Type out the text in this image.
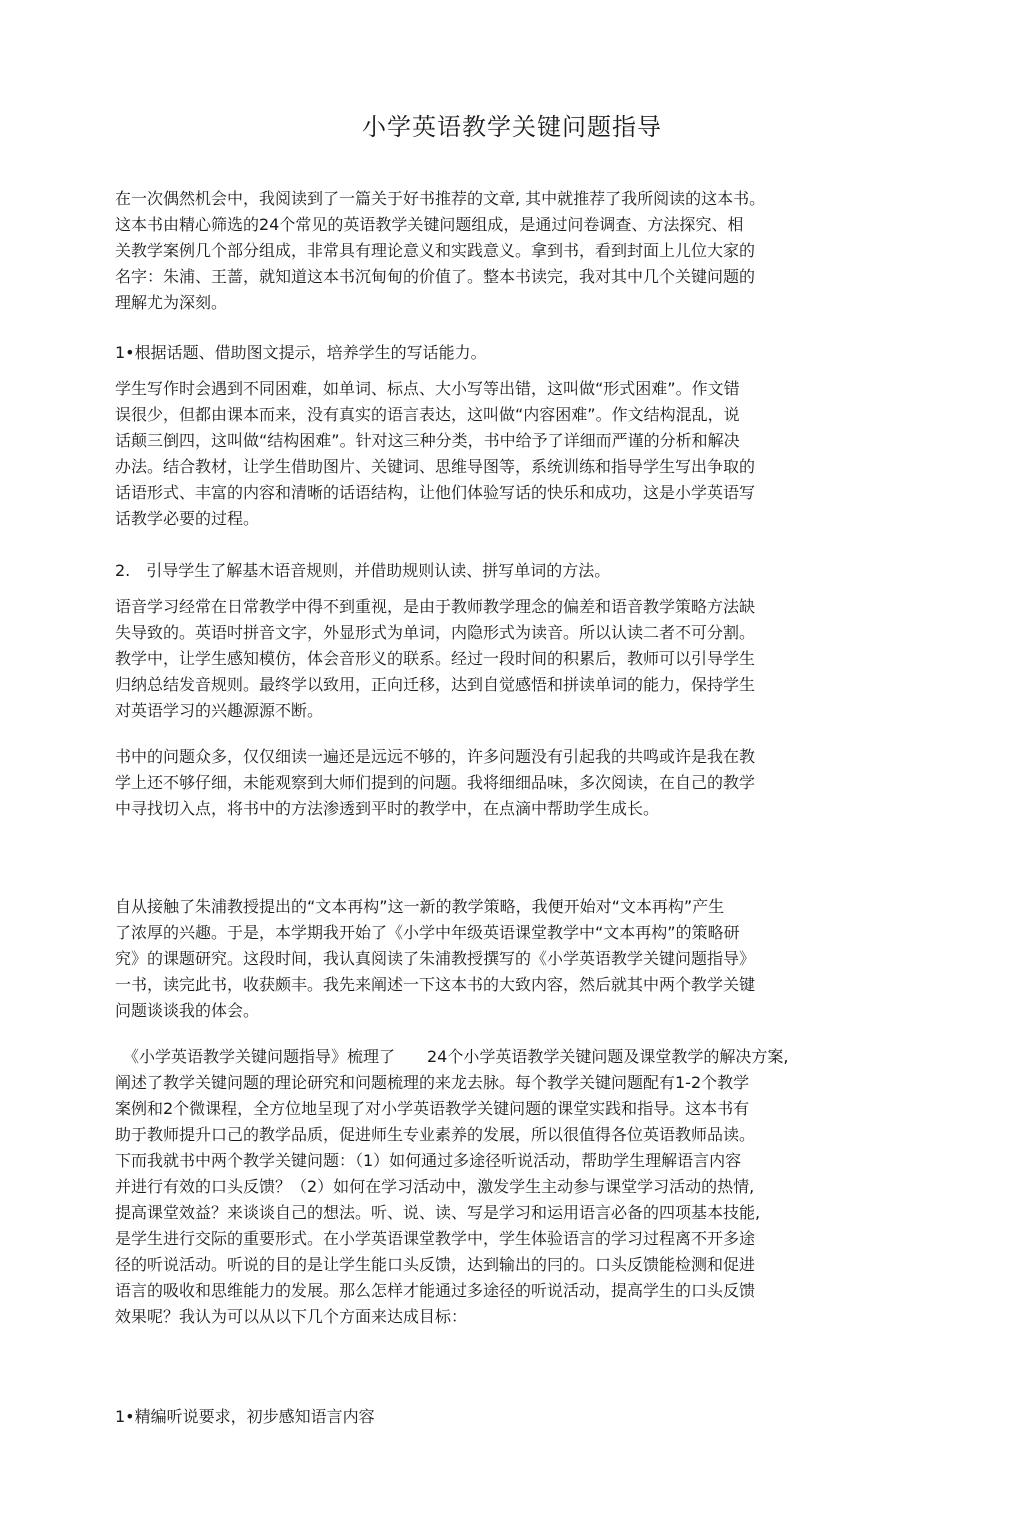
小学英语教学关键问题指导
在一次偶然机会中，我阅读到了一篇关于好书推荐的文章, 其中就推荐了我所阅读的这本书。
这本书由精心筛选的24个常见的英语教学关键问题组成，是通过问卷调查、方法探究、相
关教学案例几个部分组成，非常具有理论意义和实践意义。拿到书，看到封面上儿位大家的
名字：朱浦、王蔷，就知道这本书沉甸甸的价值了。整本书读完，我对其中几个关键问题的
理解尤为深刻。
1•根据话题、借助图文提示，培养学生的写话能力。
学生写作时会遇到不同困难，如单词、标点、大小写等出错，这叫做“形式困难”。作文错
误很少，但都由课本而来，没有真实的语言表达，这叫做“内容困难”。作文结构混乱，说
话颠三倒四，这叫做“结构困难”。针对这三种分类，书中给予了详细而严谨的分析和解决
办法。结合教材，让学生借助图片、关键词、思维导图等，系统训练和指导学生写出争取的
话语形式、丰富的内容和清晰的话语结构，让他们体验写话的快乐和成功，这是小学英语写
话教学必要的过程。
2.　引导学生了解基木语音规则，并借助规则认读、拼写单词的方法。
语音学习经常在日常教学中得不到重视，是由于教师教学理念的偏差和语音教学策略方法缺
失导致的。英语吋拼音文字，外显形式为单词，内隐形式为读音。所以认读二者不可分割。
教学中，让学生感知模仿，体会音形义的联系。经过一段时间的积累后，教师可以引导学生
归纳总结发音规则。最终学以致用，正向迁移，达到自觉感悟和拼读单词的能力，保持学生
对英语学习的兴趣源源不断。
书中的问题众多，仅仅细读一遍还是远远不够的，许多问题没有引起我的共鸣或许是我在教
学上还不够仔细，未能观察到大师们提到的问题。我将细细品味，多次阅读，在自己的教学
中寻找切入点，将书中的方法渗透到平时的教学中，在点滴中帮助学生成长。
自从接触了朱浦教授提出的“文本再构”这一新的教学策略，我便开始对“文本再构”产生
了浓厚的兴趣。于是，本学期我开始了《小学中年级英语课堂教学中“文本再构”的策略研
究》的课题研究。这段时间，我认真阅读了朱浦教授撰写的《小学英语教学关键问题指导》
一书，读完此书，收获颇丰。我先来阐述一下这本书的大致内容，然后就其中两个教学关键
问题谈谈我的体会。
　《小学英语教学关键问题指导》梳理了　　24个小学英语教学关键问题及课堂教学的解决方案,
阐述了教学关键问题的理论研究和问题梳理的来龙去脉。每个教学关键问题配有1-2个教学
案例和2个微课程，全方位地呈现了对小学英语教学关键问题的课堂实践和指导。这本书有
助于教师提升口己的教学品质，促进师生专业素养的发展，所以很值得各位英语教师品读。
下而我就书中两个教学关键问题：（1）如何通过多途径听说活动，帮助学生理解语言内容
并进行有效的口头反馈？（2）如何在学习活动中，激发学生主动参与课堂学习活动的热情,
提高课堂效益？来谈谈自己的想法。听、说、读、写是学习和运用语言必备的四项基本技能,
是学生进行交际的重要形式。在小学英语课堂教学中，学生体验语言的学习过程离不开多途
径的听说活动。听说的目的是让学生能口头反馈，达到输出的冃的。口头反馈能检测和促进
语言的吸收和思维能力的发展。那么怎样才能通过多途径的听说活动，提高学生的口头反馈
效果呢？我认为可以从以下几个方面来达成目标：
1•精编听说要求，初步感知语言内容
